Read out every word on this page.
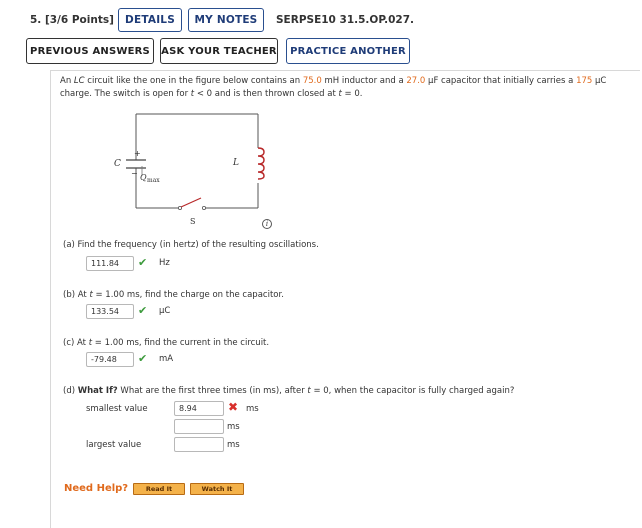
5. [3/6 Points]	DETAILS	MY NOTES	SERPSE10 31.5.OP.027.
PREVIOUS ANSWERS	ASK YOUR TEACHER	PRACTICE ANOTHER
An LC circuit like the one in the figure below contains an 75.0 mH inductor and a 27.0 μF capacitor that initially carries a 175 μC
charge. The switch is open for t < 0 and is then thrown closed at t = 0.
C
+
− Q max
L
S	i
(a) Find the frequency (in hertz) of the resulting oscillations.
111.84	✔ Hz
(b) At t = 1.00 ms, find the charge on the capacitor.
133.54	✔ μC
(c) At t = 1.00 ms, find the current in the circuit.
-79.48	✔ mA
(d) What If? What are the first three times (in ms), after t = 0, when the capacitor is fully charged again?
smallest value	8.94	✖ ms
ms
largest value	ms
Need Help?	Read It	Watch It
